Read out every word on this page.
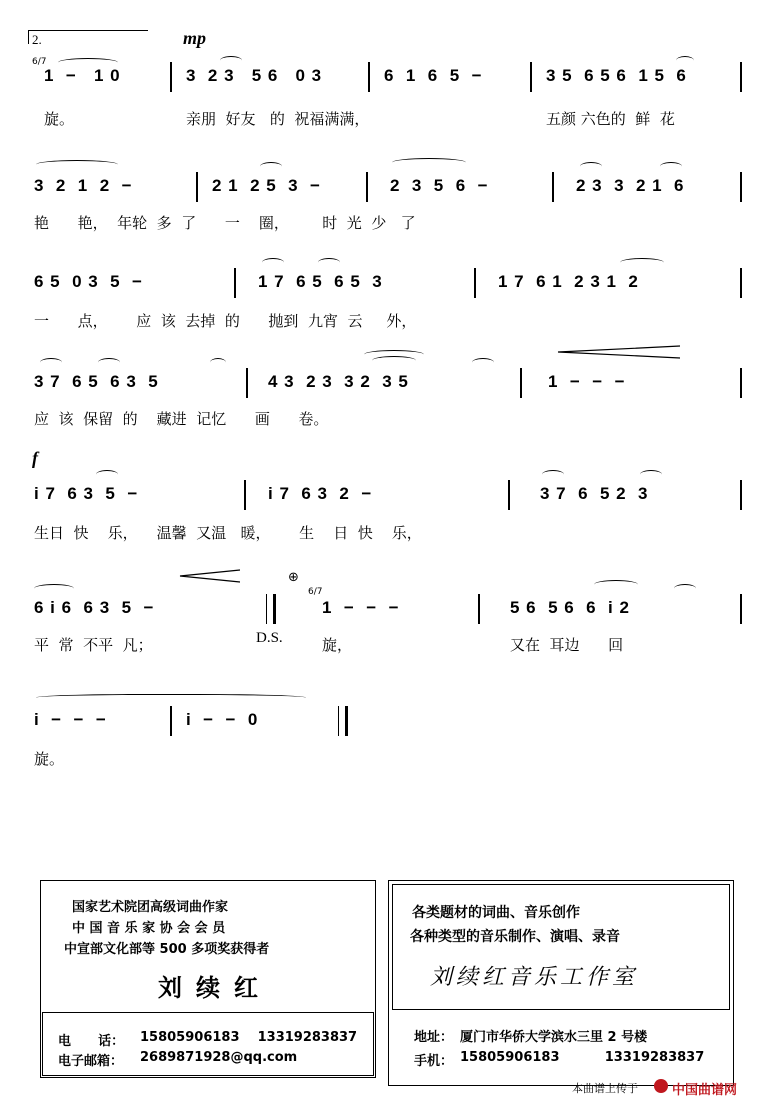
2.	mp
6/7
1  −   1 0	3  2 3   5 6   0 3	6  1  6  5  −	3 5  6 5 6  1 5  6
旋。	亲朋  好友   的  祝福满满，	五颜 六色的  鲜  花
3  2  1  2  −	2 1  2 5  3  −	2  3  5  6  −	2 3  3  2 1  6
艳      艳，  年轮  多  了      一    圈，       时  光  少   了
6 5  0 3  5  −	1 7  6 5  6 5  3	1 7  6 1  2 3 1  2
一      点，      应  该  去掉  的      抛到  九宵  云     外，
3 7  6 5  6 3  5	4 3  2 3  3 2  3 5	1  −  −  −
应  该  保留  的    藏进  记忆      画      卷。
f
i 7  6 3  5  −	i 7  6 3  2  −	3 7  6  5 2  3
生日  快    乐，    温馨  又温   暖，      生    日  快    乐，
6 i 6  6 3  5  −
⊕
6/7
1  −  −  −	5 6  5 6  6  i 2
平  常  不平  凡；	D.S.	旋，	又在  耳边      回
i  −  −  −	i  −  −  0
旋。
国家艺术院团高级词曲作家
中 国 音 乐 家 协 会 会 员
中宣部文化部等 500 多项奖获得者
刘续红
电      话： 15805906183    13319283837
电子邮箱： 2689871928@qq.com
各类题材的词曲、音乐创作
各种类型的音乐制作、演唱、录音
刘续红音乐工作室
地址： 厦门市华侨大学滨水三里 2 号楼
手机： 15805906183          13319283837
本曲谱上传于	中国曲谱网
